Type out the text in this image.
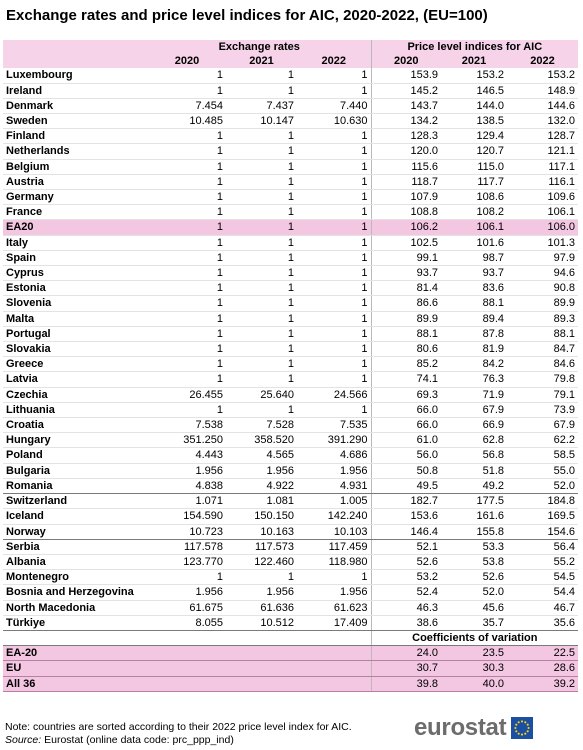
Exchange rates and price level indices for AIC, 2020-2022, (EU=100)
	Exchange rates			Price level indices for AIC		
	2020	2021	2022	2020	2021	2022
Luxembourg	1	1	1	153.9	153.2	153.2
Ireland	1	1	1	145.2	146.5	148.9
Denmark	7.454	7.437	7.440	143.7	144.0	144.6
Sweden	10.485	10.147	10.630	134.2	138.5	132.0
Finland	1	1	1	128.3	129.4	128.7
Netherlands	1	1	1	120.0	120.7	121.1
Belgium	1	1	1	115.6	115.0	117.1
Austria	1	1	1	118.7	117.7	116.1
Germany	1	1	1	107.9	108.6	109.6
France	1	1	1	108.8	108.2	106.1
EA20	1	1	1	106.2	106.1	106.0
Italy	1	1	1	102.5	101.6	101.3
Spain	1	1	1	99.1	98.7	97.9
Cyprus	1	1	1	93.7	93.7	94.6
Estonia	1	1	1	81.4	83.6	90.8
Slovenia	1	1	1	86.6	88.1	89.9
Malta	1	1	1	89.9	89.4	89.3
Portugal	1	1	1	88.1	87.8	88.1
Slovakia	1	1	1	80.6	81.9	84.7
Greece	1	1	1	85.2	84.2	84.6
Latvia	1	1	1	74.1	76.3	79.8
Czechia	26.455	25.640	24.566	69.3	71.9	79.1
Lithuania	1	1	1	66.0	67.9	73.9
Croatia	7.538	7.528	7.535	66.0	66.9	67.9
Hungary	351.250	358.520	391.290	61.0	62.8	62.2
Poland	4.443	4.565	4.686	56.0	56.8	58.5
Bulgaria	1.956	1.956	1.956	50.8	51.8	55.0
Romania	4.838	4.922	4.931	49.5	49.2	52.0
Switzerland	1.071	1.081	1.005	182.7	177.5	184.8
Iceland	154.590	150.150	142.240	153.6	161.6	169.5
Norway	10.723	10.163	10.103	146.4	155.8	154.6
Serbia	117.578	117.573	117.459	52.1	53.3	56.4
Albania	123.770	122.460	118.980	52.6	53.8	55.2
Montenegro	1	1	1	53.2	52.6	54.5
Bosnia and Herzegovina	1.956	1.956	1.956	52.4	52.0	54.4
North Macedonia	61.675	61.636	61.623	46.3	45.6	46.7
Türkiye	8.055	10.512	17.409	38.6	35.7	35.6
				Coefficients of variation		
EA-20				24.0	23.5	22.5
EU				30.7	30.3	28.6
All 36				39.8	40.0	39.2
Note: countries are sorted according to their 2022 price level index for AIC.
Source: Eurostat (online data code: prc_ppp_ind)	eurostat
